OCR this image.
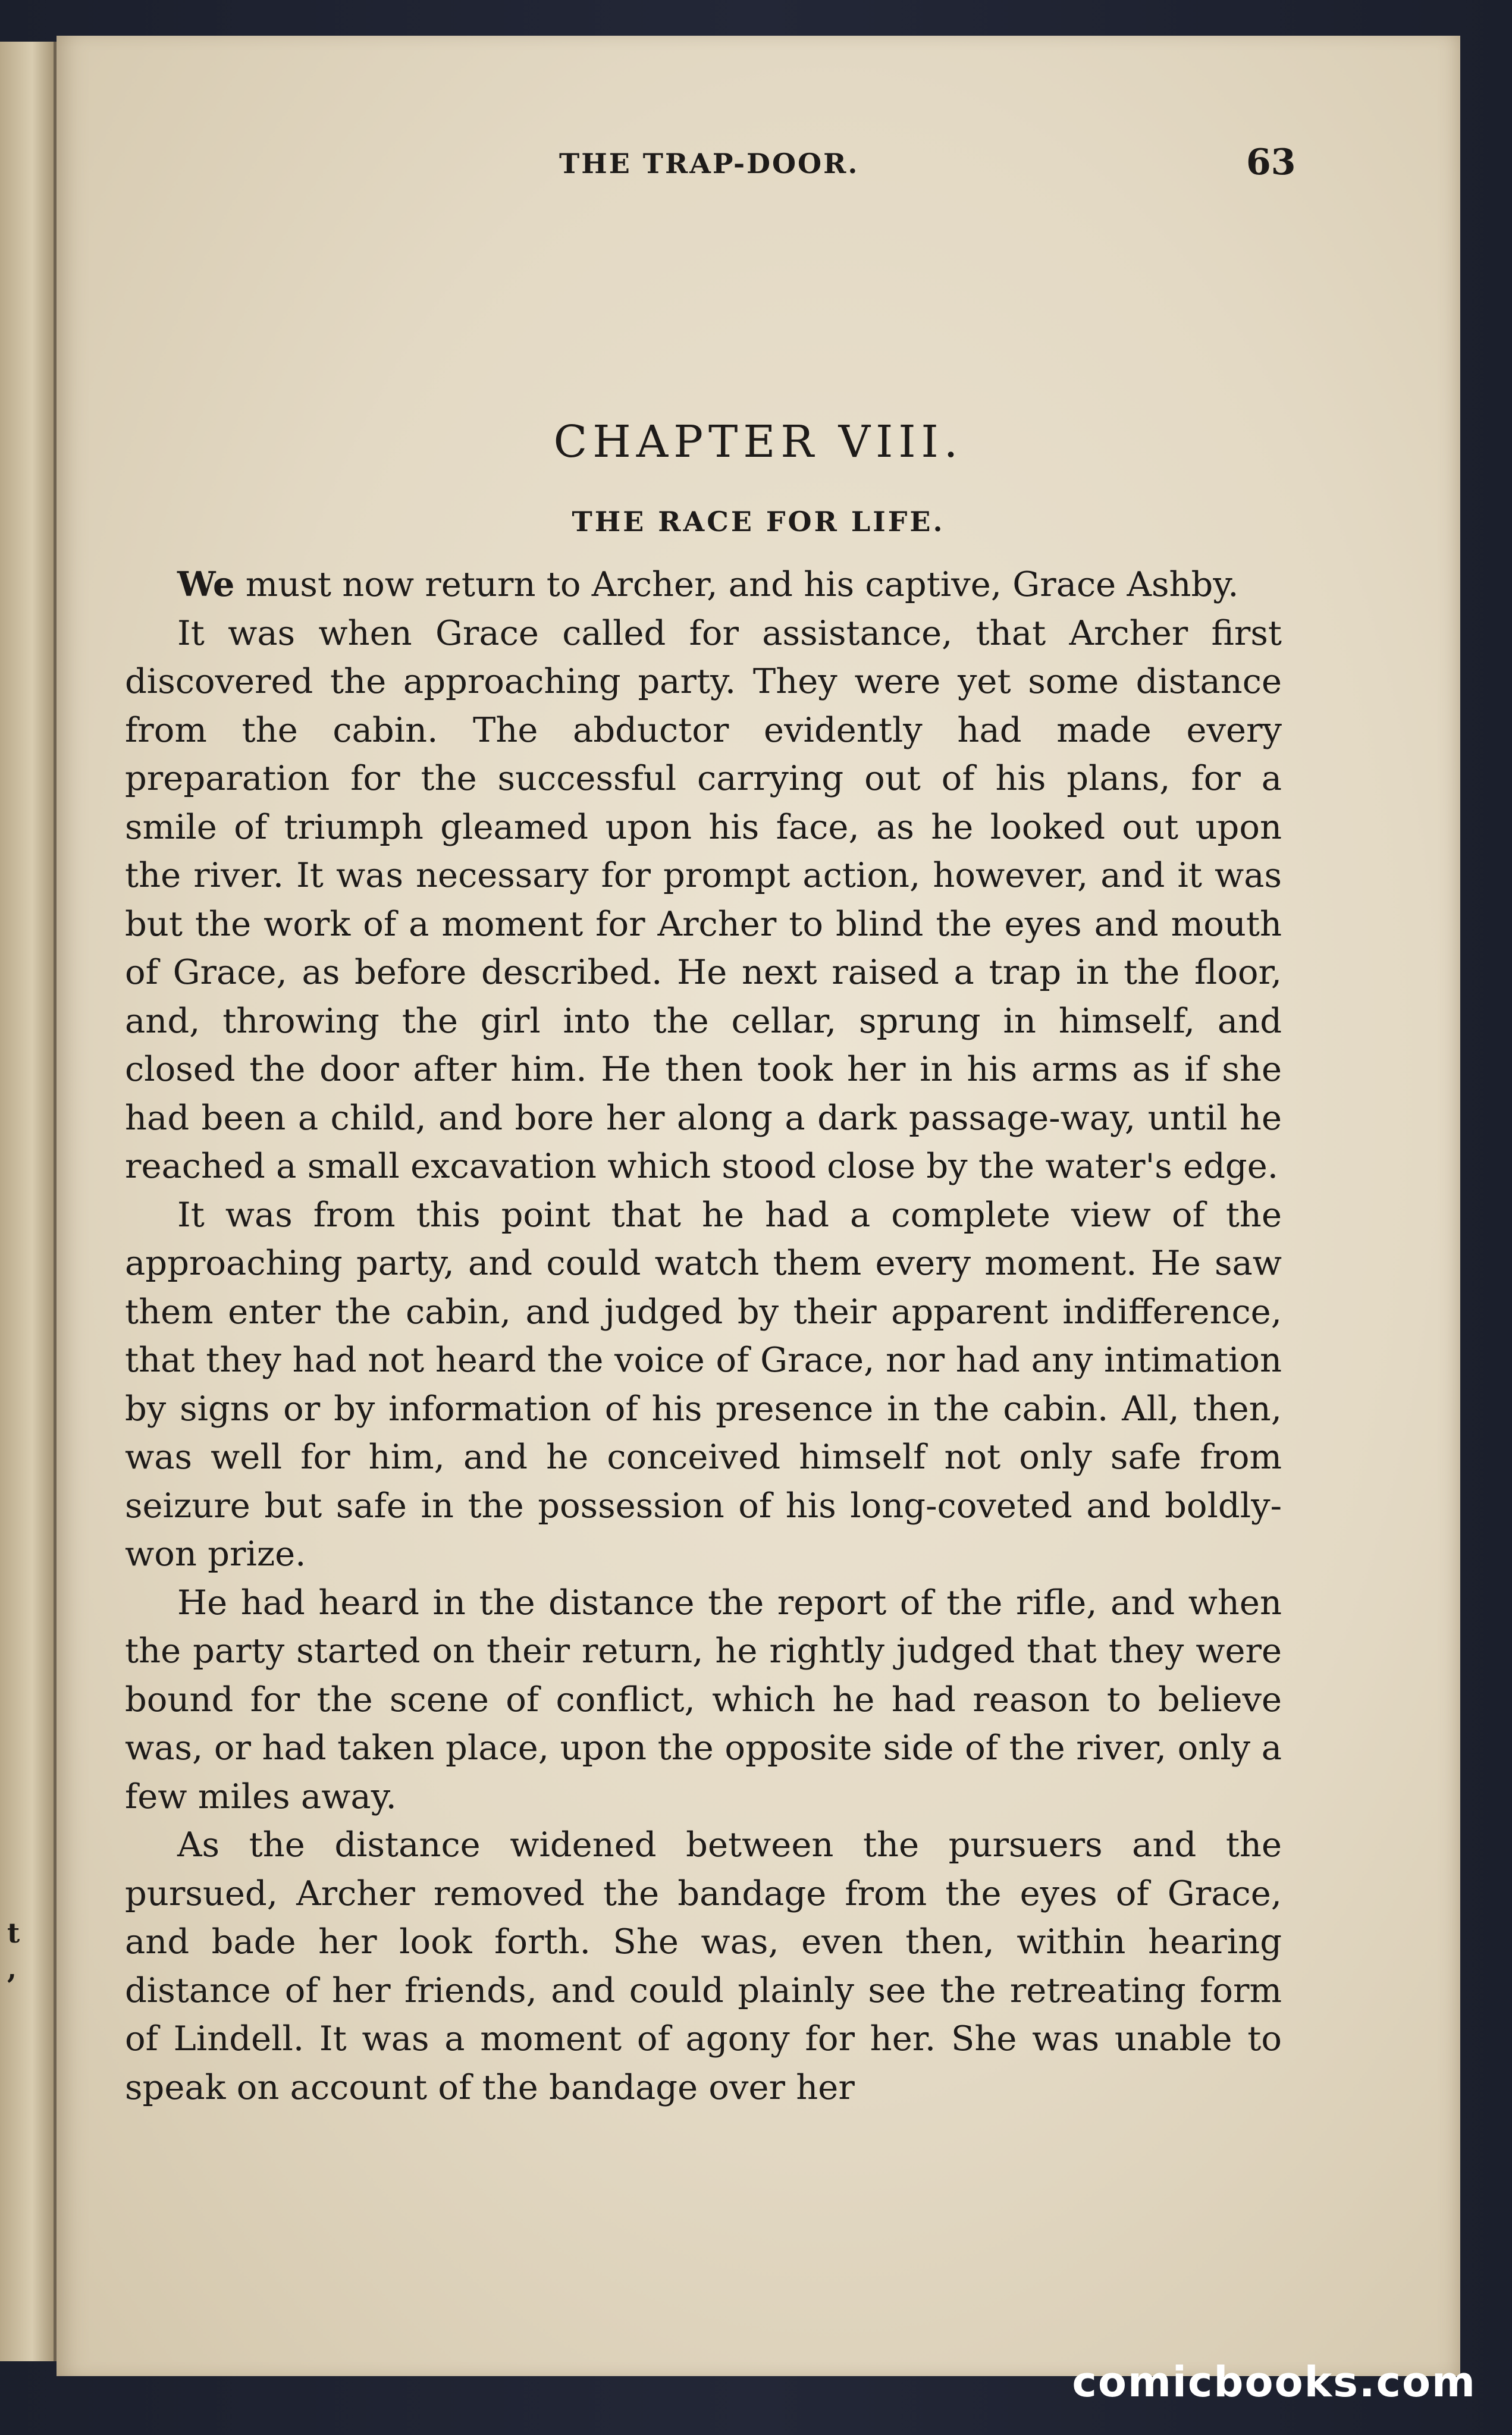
t
,
THE TRAP-DOOR.	63
CHAPTER VIII.
THE RACE FOR LIFE.

We must now return to Archer, and his captive, Grace Ashby.

It was when Grace called for assistance, that Archer first discovered the approaching party. They were yet some distance from the cabin. The abductor evidently had made every preparation for the successful carrying out of his plans, for a smile of triumph gleamed upon his face, as he looked out upon the river. It was necessary for prompt action, however, and it was but the work of a moment for Archer to blind the eyes and mouth of Grace, as before described. He next raised a trap in the floor, and, throwing the girl into the cellar, sprung in himself, and closed the door after him. He then took her in his arms as if she had been a child, and bore her along a dark passage-way, until he reached a small excavation which stood close by the water's edge.

It was from this point that he had a complete view of the approaching party, and could watch them every moment. He saw them enter the cabin, and judged by their apparent indifference, that they had not heard the voice of Grace, nor had any intimation by signs or by information of his presence in the cabin. All, then, was well for him, and he conceived himself not only safe from seizure but safe in the possession of his long-coveted and boldly-won prize.

He had heard in the distance the report of the rifle, and when the party started on their return, he rightly judged that they were bound for the scene of conflict, which he had reason to believe was, or had taken place, upon the opposite side of the river, only a few miles away.

As the distance widened between the pursuers and the pursued, Archer removed the bandage from the eyes of Grace, and bade her look forth. She was, even then, within hearing distance of her friends, and could plainly see the retreating form of Lindell. It was a moment of agony for her. She was unable to speak on account of the bandage over her

comicbooks.com
